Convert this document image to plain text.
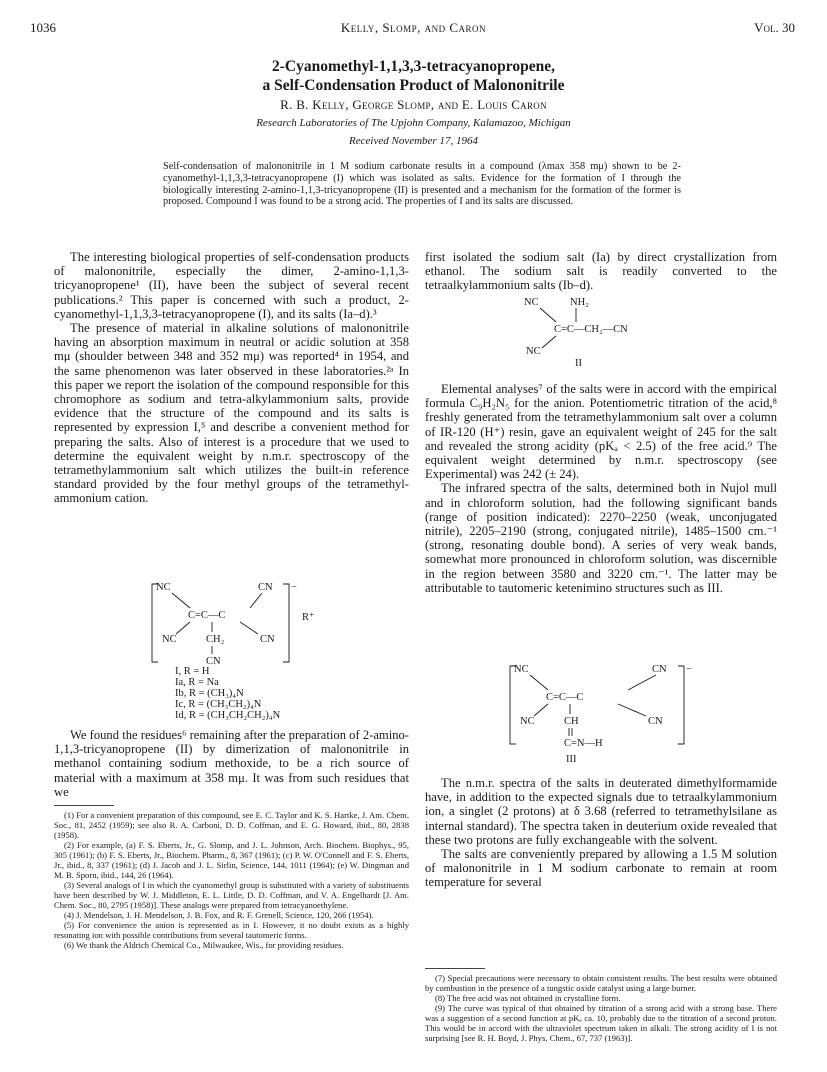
1036	Kelly, Slomp, and Caron	Vol. 30
2-Cyanomethyl-1,1,3,3-tetracyanopropene,
a Self-Condensation Product of Malononitrile
R. B. Kelly, George Slomp, and E. Louis Caron
Research Laboratories of The Upjohn Company, Kalamazoo, Michigan
Received November 17, 1964
Self-condensation of malononitrile in 1 M sodium carbonate results in a compound (λmax 358 mμ) shown to be 2-cyanomethyl-1,1,3,3-tetracyanopropene (I) which was isolated as salts. Evidence for the formation of I through the biologically interesting 2-amino-1,1,3-tricyanopropene (II) is presented and a mechanism for the formation of the former is proposed. Compound I was found to be a strong acid. The properties of I and its salts are discussed.

The interesting biological properties of self-condensation products of malononitrile, especially the dimer, 2-amino-1,1,3-tricyanopropene¹ (II), have been the subject of several recent publications.² This paper is concerned with such a product, 2-cyanomethyl-1,1,3,3-tetracyanopropene (I), and its salts (Ia–d).³

The presence of material in alkaline solutions of malononitrile having an absorption maximum in neutral or acidic solution at 358 mμ (shoulder between 348 and 352 mμ) was reported⁴ in 1954, and the same phenomenon was later observed in these laboratories.²ᵃ In this paper we report the isolation of the compound responsible for this chromophore as sodium and tetra-alkylammonium salts, provide evidence that the structure of the compound and its salts is represented by expression I,⁵ and describe a convenient method for preparing the salts. Also of interest is a procedure that we used to determine the equivalent weight by n.m.r. spectroscopy of the tetramethylammonium salt which utilizes the built-in reference standard provided by the four methyl groups of the tetramethyl-ammonium cation.

NC	CN −
C=C—C	R⁺
NC	CH₂	CN
CN
I, R = H
Ia, R = Na
Ib, R = (CH₃)₄N
Ic, R = (CH₃CH₂)₄N
Id, R = (CH₃CH₂CH₂)₄N

We found the residues⁶ remaining after the preparation of 2-amino-1,1,3-tricyanopropene (II) by dimerization of malononitrile in methanol containing sodium methoxide, to be a rich source of material with a maximum at 358 mμ. It was from such residues that we

(1) For a convenient preparation of this compound, see E. C. Taylor and K. S. Hartke, J. Am. Chem. Soc., 81, 2452 (1959); see also R. A. Carboni, D. D. Coffman, and E. G. Howard, ibid., 80, 2838 (1958).

(2) For example, (a) F. S. Eberts, Jr., G. Slomp, and J. L. Johnson, Arch. Biochem. Biophys., 95, 305 (1961); (b) F. S. Eberts, Jr., Biochem. Pharm., 8, 367 (1961); (c) P. W. O'Connell and F. S. Eberts, Jr., ibid., 8, 337 (1961); (d) J. Jacob and J. L. Sirlin, Science, 144, 1011 (1964); (e) W. Dingman and M. B. Sporn, ibid., 144, 26 (1964).

(3) Several analogs of I in which the cyanomethyl group is substituted with a variety of substituents have been described by W. J. Middleton, E. L. Little, D. D. Coffman, and V. A. Engelhardt [J. Am. Chem. Soc., 80, 2795 (1958)]. These analogs were prepared from tetracyanoethylene.

(4) J. Mendelson, J. H. Mendelson, J. B. Fox, and R. F. Grenell, Science, 120, 266 (1954).

(5) For convenience the anion is represented as in I. However, it no doubt exists as a highly resonating ion with possible contributions from several tautomeric forms.

(6) We thank the Aldrich Chemical Co., Milwaukee, Wis., for providing residues.

first isolated the sodium salt (Ia) by direct crystallization from ethanol. The sodium salt is readily converted to the tetraalkylammonium salts (Ib–d).

NC	NH₂
C=C—CH₂—CN
NC
II

Elemental analyses⁷ of the salts were in accord with the empirical formula C₉H₂N₅ for the anion. Potentiometric titration of the acid,⁸ freshly generated from the tetramethylammonium salt over a column of IR-120 (H⁺) resin, gave an equivalent weight of 245 for the salt and revealed the strong acidity (pKₐ < 2.5) of the free acid.⁹ The equivalent weight determined by n.m.r. spectroscopy (see Experimental) was 242 (± 24).

The infrared spectra of the salts, determined both in Nujol mull and in chloroform solution, had the following significant bands (range of position indicated): 2270–2250 (weak, unconjugated nitrile), 2205–2190 (strong, conjugated nitrile), 1485–1500 cm.⁻¹ (strong, resonating double bond). A series of very weak bands, somewhat more pronounced in chloroform solution, was discernible in the region between 3580 and 3220 cm.⁻¹. The latter may be attributable to tautomeric ketenimino structures such as III.

NC	CN −
C=C—C
NC	CH	CN
C=N—H
III

The n.m.r. spectra of the salts in deuterated dimethylformamide have, in addition to the expected signals due to tetraalkylammonium ion, a singlet (2 protons) at δ 3.68 (referred to tetramethylsilane as internal standard). The spectra taken in deuterium oxide revealed that these two protons are fully exchangeable with the solvent.

The salts are conveniently prepared by allowing a 1.5 M solution of malononitrile in 1 M sodium carbonate to remain at room temperature for several

(7) Special precautions were necessary to obtain consistent results. The best results were obtained by combustion in the presence of a tungstic oxide catalyst using a large burner.

(8) The free acid was not obtained in crystalline form.

(9) The curve was typical of that obtained by titration of a strong acid with a strong base. There was a suggestion of a second function at pKₐ ca. 10, probably due to the titration of a second proton. This would be in accord with the ultraviolet spectrum taken in alkali. The strong acidity of I is not surprising [see R. H. Boyd, J. Phys. Chem., 67, 737 (1963)].
